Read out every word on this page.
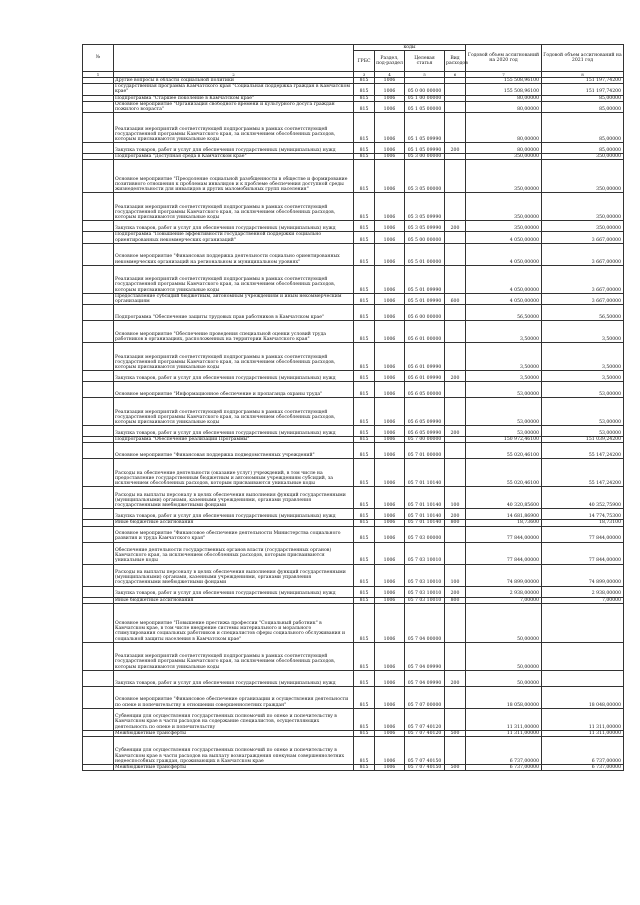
№		коды				Годовой объем ассигнований на 2020 год	Годовой объем ассигнований на 2021 год
		ГРБС	Раздел, под-раздел	Целевая статья	Вид расходов		
1	2	3	4	5	6	7	8
	Другие вопросы в области социальной политики	815	1006			155 508,96100	151 197,74200
	Государственная программа Камчатского края "Социальная поддержка граждан в Камчатском крае"	815	1006	05 0 00 00000		155 508,96100	151 197,74200
	Подпрограмма "Старшее поколение в Камчатском крае"	815	1006	05 1 00 00000		80,00000	85,00000
	Основное мероприятие "Организация свободного времени и культурного досуга граждан пожилого возраста"	815	1006	05 1 05 00000		80,00000	85,00000
	Реализация мероприятий соответствующей подпрограммы в рамках соответствующей государственной программы Камчатского края, за исключением обособленных расходов, которым присваиваются уникальные коды	815	1006	05 1 05 09990		80,00000	85,00000
	Закупка товаров, работ и услуг для обеспечения государственных (муниципальных) нужд	815	1006	05 1 05 09990	200	80,00000	85,00000
	Подпрограмма "Доступная среда в Камчатском крае"	815	1006	05 3 00 00000		350,00000	350,00000
	Основное мероприятие "Преодоление социальной разобщенности в обществе и формирование позитивного отношения к проблемам инвалидов и к проблеме обеспечения доступной среды жизнедеятельности для инвалидов и других маломобильных групп населения"	815	1006	05 3 05 00000		350,00000	350,00000
	Реализация мероприятий соответствующей подпрограммы в рамках соответствующей государственной программы Камчатского края, за исключением обособленных расходов, которым присваиваются уникальные коды	815	1006	05 3 05 09990		350,00000	350,00000
	Закупка товаров, работ и услуг для обеспечения государственных (муниципальных) нужд	815	1006	05 3 05 09990	200	350,00000	350,00000
	Подпрограмма "Повышение эффективности государственной поддержки социально ориентированных некоммерческих организаций"	815	1006	05 5 00 00000		4 050,00000	3 667,00000
	Основное мероприятие "Финансовая поддержка деятельности социально ориентированных некоммерческих организаций на региональном и муниципальном уровнях"	815	1006	05 5 01 00000		4 050,00000	3 667,00000
	Реализация мероприятий соответствующей подпрограммы в рамках соответствующей государственной программы Камчатского края, за исключением обособленных расходов, которым присваиваются уникальные коды	815	1006	05 5 01 09990		4 050,00000	3 667,00000
	Предоставление субсидий бюджетным, автономным учреждениям и иным некоммерческим организациям	815	1006	05 5 01 09990	600	4 050,00000	3 667,00000
	Подпрограмма "Обеспечение защиты трудовых прав работников в Камчатском крае"	815	1006	05 6 00 00000		56,50000	56,50000
	Основное мероприятие "Обеспечение проведения специальной оценки условий труда работников в организациях, расположенных на территории Камчатского края"	815	1006	05 6 01 00000		3,50000	3,50000
	Реализация мероприятий соответствующей подпрограммы в рамках соответствующей государственной программы Камчатского края, за исключением обособленных расходов, которым присваиваются уникальные коды	815	1006	05 6 01 09990		3,50000	3,50000
	Закупка товаров, работ и услуг для обеспечения государственных (муниципальных) нужд	815	1006	05 6 01 09990	200	3,50000	3,50000
	Основное мероприятие "Информационное обеспечение и пропаганда охраны труда"	815	1006	05 6 05 00000		53,00000	53,00000
	Реализация мероприятий соответствующей подпрограммы в рамках соответствующей государственной программы Камчатского края, за исключением обособленных расходов, которым присваиваются уникальные коды	815	1006	05 6 05 09990		53,00000	53,00000
	Закупка товаров, работ и услуг для обеспечения государственных (муниципальных) нужд	815	1006	05 6 05 09990	200	53,00000	53,00000
	Подпрограмма "Обеспечение реализации Программы"	815	1006	05 7 00 00000		150 972,46100	151 039,24200
	Основное мероприятие "Финансовая поддержка подведомственных учреждений"	815	1006	05 7 01 00000		55 020,46100	55 147,24200
	Расходы на обеспечение деятельности (оказание услуг) учреждений, в том числе на предоставление государственным бюджетным и автономным учреждениям субсидий, за исключением обособленных расходов, которым присваиваются уникальные коды	815	1006	05 7 01 10140		55 020,46100	55 147,24200
	Расходы на выплаты персоналу в целях обеспечения выполнения функций государственными (муниципальными) органами, казенными учреждениями, органами управления государственными внебюджетными фондами	815	1006	05 7 01 10140	100	40 320,85600	40 352,75900
	Закупка товаров, работ и услуг для обеспечения государственных (муниципальных) нужд	815	1006	05 7 01 10140	200	14 681,86900	14 774,75300
	Иные бюджетные ассигнования	815	1006	05 7 01 10140	800	18,73600	18,73100
	Основное мероприятие "Финансовое обеспечение деятельности Министерства социального развития и труда Камчатского края"	815	1006	05 7 03 00000		77 844,00000	77 844,00000
	Обеспечение деятельности государственных органов власти (государственных органов) Камчатского края, за исключением обособленных расходов, которым присваиваются уникальные коды	815	1006	05 7 03 10010		77 844,00000	77 844,00000
	Расходы на выплаты персоналу в целях обеспечения выполнения функций государственными (муниципальными) органами, казенными учреждениями, органами управления государственными внебюджетными фондами	815	1006	05 7 03 10010	100	74 899,00000	74 899,00000
	Закупка товаров, работ и услуг для обеспечения государственных (муниципальных) нужд	815	1006	05 7 03 10010	200	2 938,00000	2 938,00000
	Иные бюджетные ассигнования	815	1006	05 7 03 10010	800	7,00000	7,00000
	Основное мероприятие "Повышение престижа профессии "Социальный работник" в Камчатском крае, в том числе внедрение системы материального и морального стимулирования социальных работников и специалистов сферы социального обслуживания и социальной защиты населения в Камчатском крае"	815	1006	05 7 04 00000		50,00000	
	Реализация мероприятий соответствующей подпрограммы в рамках соответствующей государственной программы Камчатского края, за исключением обособленных расходов, которым присваиваются уникальные коды	815	1006	05 7 04 09990		50,00000	
	Закупка товаров, работ и услуг для обеспечения государственных (муниципальных) нужд	815	1006	05 7 04 09990	200	50,00000	
	Основное мероприятие "Финансовое обеспечение организации и осуществления деятельности по опеке и попечительству в отношении совершеннолетних граждан"	815	1006	05 7 07 00000		18 058,00000	18 048,00000
	Субвенции для осуществления государственных полномочий по опеке и попечительству в Камчатском крае в части расходов на содержание специалистов, осуществляющих деятельность по опеке и попечительству	815	1006	05 7 07 40120		11 311,00000	11 311,00000
	Межбюджетные трансферты	815	1006	05 7 07 40120	500	11 311,00000	11 311,00000
	Субвенции для осуществления государственных полномочий по опеке и попечительству в Камчатском крае в части расходов на выплату вознаграждения опекунам совершеннолетних недееспособных граждан, проживающих в Камчатском крае	815	1006	05 7 07 40150		6 737,00000	6 737,00000
	Межбюджетные трансферты	815	1006	05 7 07 40150	500	6 737,00000	6 737,00000
